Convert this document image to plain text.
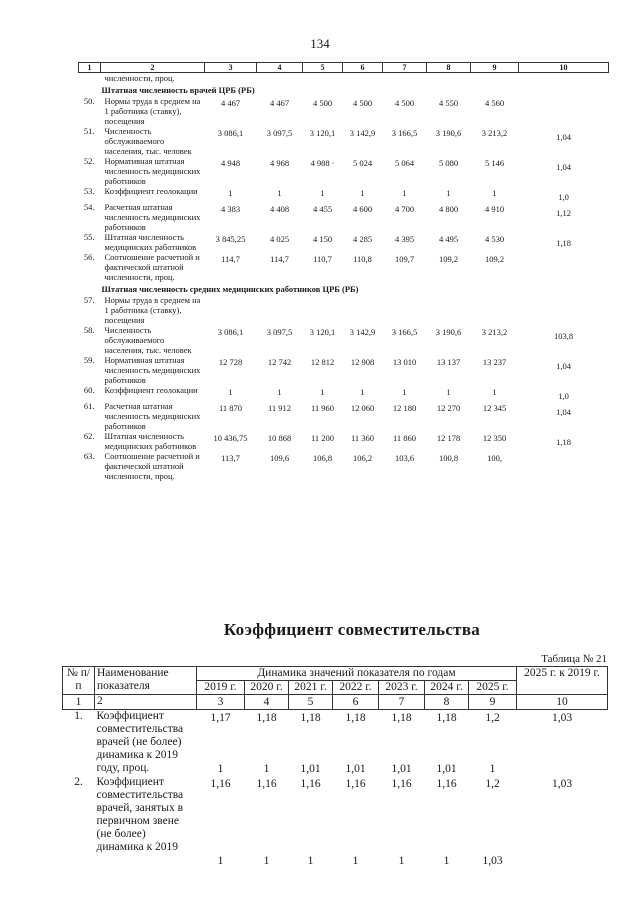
134
1	2	3	4	5	6	7	8	9	10
	численности, проц.								
	Штатная численность врачей ЦРБ (РБ)								
50.	Нормы труда в среднем на 1 работника (ставку), посещения	4 467	4 467	4 500	4 500	4 500	4 550	4 560	
51.	Численность обслуживаемого населения, тыс. человек	3 086,1	3 097,5	3 120,1	3 142,9	3 166,5	3 190,6	3 213,2	1,04
52.	Нормативная штатная численность медицинских работников	4 948	4 968	4 988 ·	5 024	5 064	5 080	5 146	1,04
53.	Коэффициент геолокации	1	1	1	1	1	1	1	1,0
54.	Расчетная штатная численность медицинских работников	4 383	4 408	4 455	4 600	4 700	4 800	4 910	1,12
55.	Штатная численность медицинских работников	3 845,25	4 025	4 150	4 285	4 395	4 495	4 530	1,18
56.	Соотношение расчетной и фактической штатной численности, проц.	114,7	114,7	110,7	110,8	109,7	109,2	109,2	
	Штатная численность средних медицинских работников ЦРБ (РБ)								
57.	Нормы труда в среднем на 1 работника (ставку), посещения								
58.	Численность обслуживаемого населения, тыс. человек	3 086,1	3 097,5	3 120,1	3 142,9	3 166,5	3 190,6	3 213,2	103,8
59.	Нормативная штатная численность медицинских работников	12 728	12 742	12 812	12 908	13 010	13 137	13 237	1,04
60.	Коэффициент геолокации	1	1	1	1	1	1	1	1,0
61.	Расчетная штатная численность медицинских работников	11 870	11 912	11 960	12 060	12 180	12 270	12 345	1,04
62.	Штатная численность медицинских работников	10 436,75	10 868	11 200	11 360	11 860	12 178	12 350	1,18
63.	Соотношение расчетной и фактической штатной численности, проц.	113,7	109,6	106,8	106,2	103,6	100,8	100,	
Коэффициент совместительства
Таблица № 21
№ п/п	Наименование показателя	Динамика значений показателя по годам							2025 г. к 2019 г.
		2019 г.	2020 г.	2021 г.	2022 г.	2023 г.	2024 г.	2025 г.	
1	2	3	4	5	6	7	8	9	10
1.	Коэффициент совместительства врачей (не более)	1,17	1,18	1,18	1,18	1,18	1,18	1,2	1,03
	динамика к 2019 году, проц.	1	1	1,01	1,01	1,01	1,01	1	
2.	Коэффициент совместительства врачей, занятых в первичном звене (не более)	1,16	1,16	1,16	1,16	1,16	1,16	1,2	1,03
	динамика к 2019	1	1	1	1	1	1	1,03	
